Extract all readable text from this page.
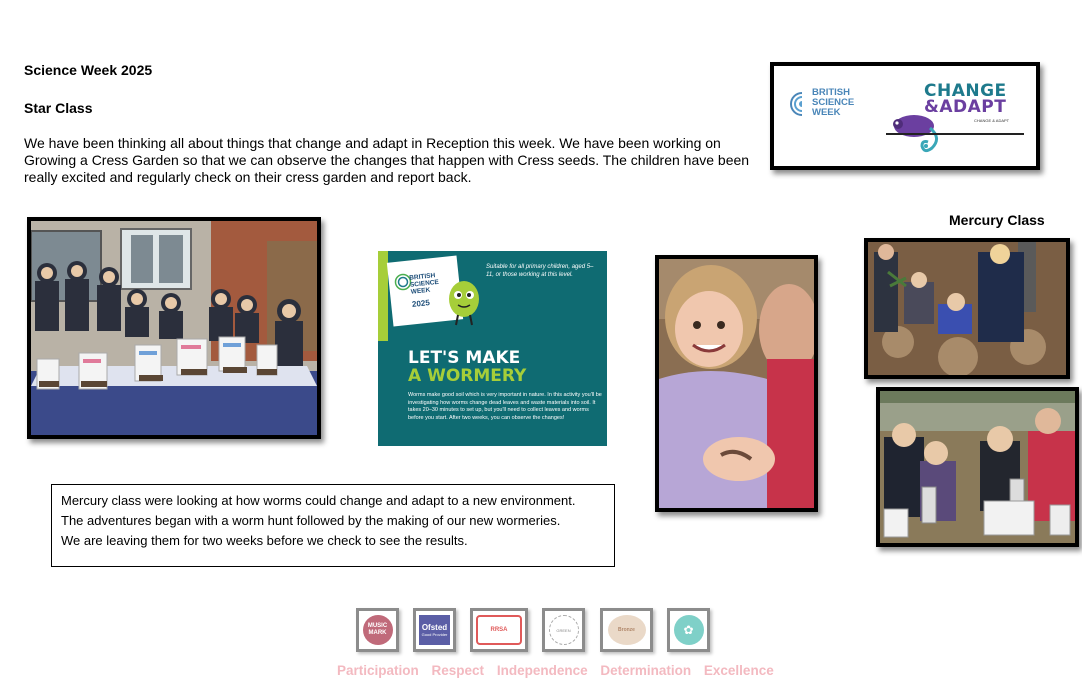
Science Week 2025
Star Class
We have been thinking all about things that change and adapt in Reception this week. We have been working on Growing a Cress Garden so that we can observe the changes that happen with Cress seeds. The children have been really excited and regularly check on their cress garden and report back.
BRITISH SCIENCE WEEK
CHANGE
&ADAPT
CHANGE & ADAPT
Mercury Class
BRITISH SCIENCE WEEK
2025
Suitable for all primary children, aged 5–11, or those working at this level.
LET'S MAKE
A WORMERY
Worms make good soil which is very important in nature. In this activity you'll be investigating how worms change dead leaves and waste materials into soil. It takes 20–30 minutes to set up, but you'll need to collect leaves and worms before you start. After two weeks, you can observe the changes!
Mercury class were looking at how worms could change and adapt to a new environment.
The adventures began with a worm hunt followed by the making of our new wormeries.
We are leaving them for two weeks before we check to see the results.
MUSIC MARK
Ofsted
Good Provider
RRSA	GREEN	Bronze	✿
Participation Respect Independence Determination Excellence
